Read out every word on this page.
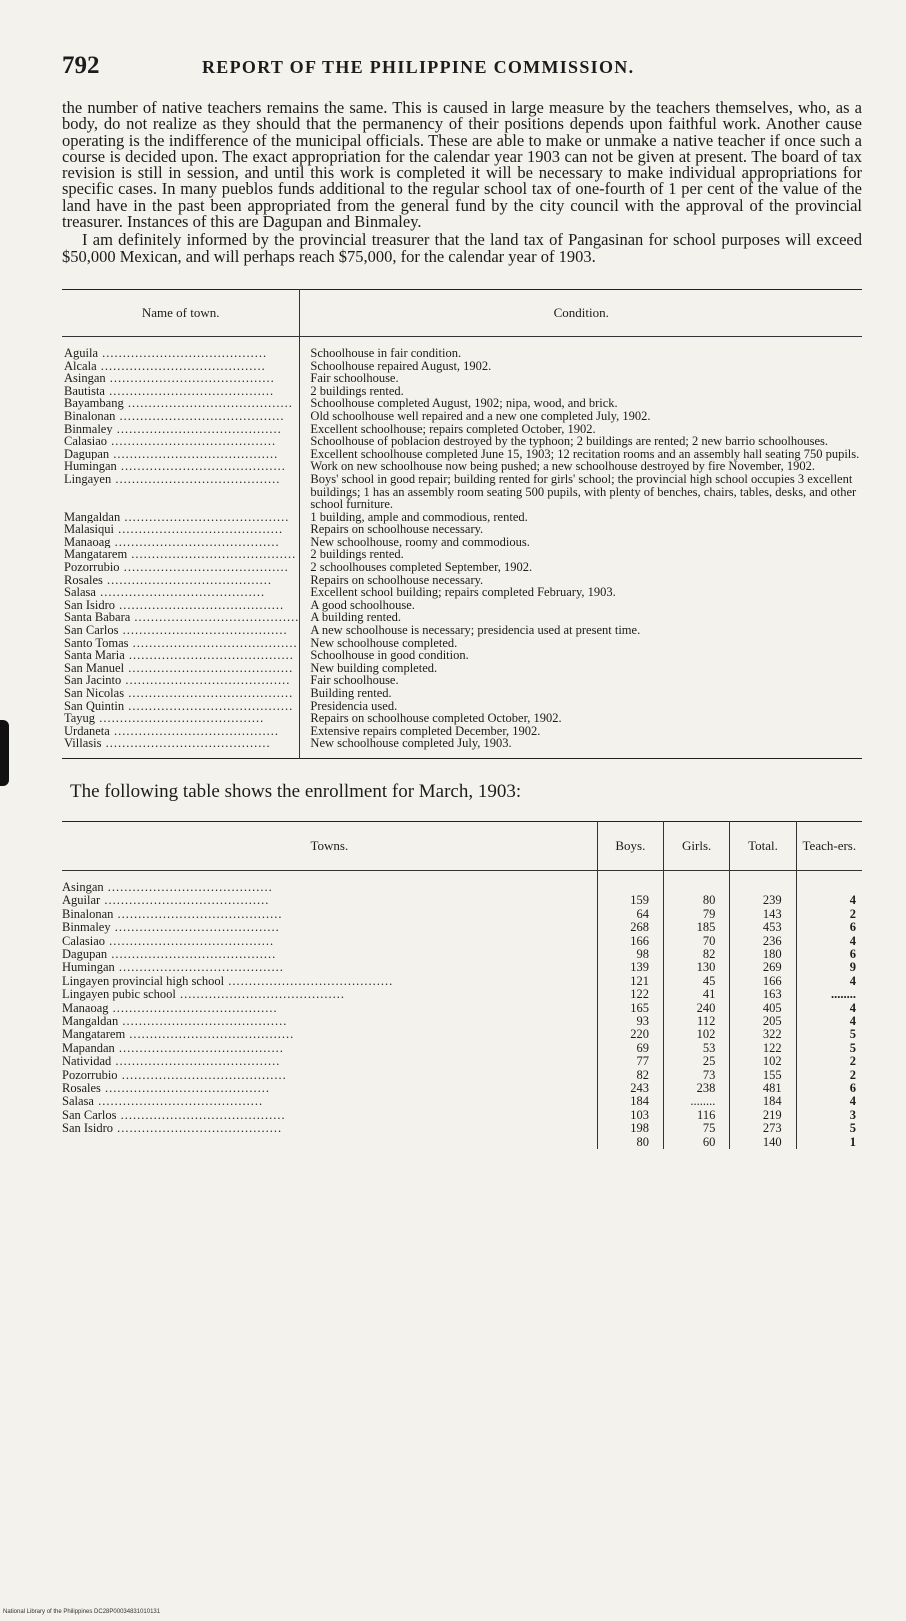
792	REPORT OF THE PHILIPPINE COMMISSION.

the number of native teachers remains the same. This is caused in large measure by the teachers themselves, who, as a body, do not realize as they should that the permanency of their positions depends upon faithful work. Another cause operating is the indifference of the municipal officials. These are able to make or unmake a native teacher if once such a course is decided upon. The exact appropriation for the calendar year 1903 can not be given at present. The board of tax revision is still in session, and until this work is completed it will be necessary to make individual appropriations for specific cases. In many pueblos funds additional to the regular school tax of one-fourth of 1 per cent of the value of the land have in the past been appropriated from the general fund by the city council with the approval of the provincial treasurer. Instances of this are Dagupan and Binmaley.

I am definitely informed by the provincial treasurer that the land tax of Pangasinan for school purposes will exceed $50,000 Mexican, and will perhaps reach $75,000, for the calendar year of 1903.

Name of town.	Condition.
Aguila .....	Schoolhouse in fair condition.
Alcala .....	Schoolhouse repaired August, 1902.
Asingan .....	Fair schoolhouse.
Bautista .....	2 buildings rented.
Bayambang .....	Schoolhouse completed August, 1902; nipa, wood, and brick.
Binalonan .....	Old schoolhouse well repaired and a new one completed July, 1902.
Binmaley .....	Excellent schoolhouse; repairs completed October, 1902.
Calasiao .....	Schoolhouse of poblacion destroyed by the typhoon; 2 buildings are rented; 2 new barrio schoolhouses.
Dagupan .....	Excellent schoolhouse completed June 15, 1903; 12 recitation rooms and an assembly hall seating 750 pupils.
Humingan .....	Work on new schoolhouse now being pushed; a new schoolhouse destroyed by fire November, 1902.
Lingayen .....	Boys' school in good repair; building rented for girls' school; the provincial high school occupies 3 excellent buildings; 1 has an assembly room seating 500 pupils, with plenty of benches, chairs, tables, desks, and other school furniture.
Mangaldan .....	1 building, ample and commodious, rented.
Malasiqui .....	Repairs on schoolhouse necessary.
Manaoag .....	New schoolhouse, roomy and commodious.
Mangatarem .....	2 buildings rented.
Pozorrubio .....	2 schoolhouses completed September, 1902.
Rosales .....	Repairs on schoolhouse necessary.
Salasa .....	Excellent school building; repairs completed February, 1903.
San Isidro .....	A good schoolhouse.
Santa Babara .....	A building rented.
San Carlos .....	A new schoolhouse is necessary; presidencia used at present time.
Santo Tomas .....	New schoolhouse completed.
Santa Maria .....	Schoolhouse in good condition.
San Manuel .....	New building completed.
San Jacinto .....	Fair schoolhouse.
San Nicolas .....	Building rented.
San Quintin .....	Presidencia used.
Tayug .....	Repairs on schoolhouse completed October, 1902.
Urdaneta .....	Extensive repairs completed December, 1902.
Villasis .....	New schoolhouse completed July, 1903.

The following table shows the enrollment for March, 1903:

Towns.	Boys.	Girls.	Total.	Teach-ers.
Asingan .....				
Aguilar .....	159	80	239	4
Binalonan .....	64	79	143	2
Binmaley .....	268	185	453	6
Calasiao .....	166	70	236	4
Dagupan .....	98	82	180	6
Humingan .....	139	130	269	9
Lingayen provincial high school .....	121	45	166	4
Lingayen pubic school .....	122	41	163	........
Manaoag .....	165	240	405	4
Mangaldan .....	93	112	205	4
Mangatarem .....	220	102	322	5
Mapandan .....	69	53	122	5
Natividad .....	77	25	102	2
Pozorrubio .....	82	73	155	2
Rosales .....	243	238	481	6
Salasa .....	184	........	184	4
San Carlos .....	103	116	219	3
San Isidro .....	198	75	273	5
	80	60	140	1
National Library of the Philippines DC28P00034831010131
